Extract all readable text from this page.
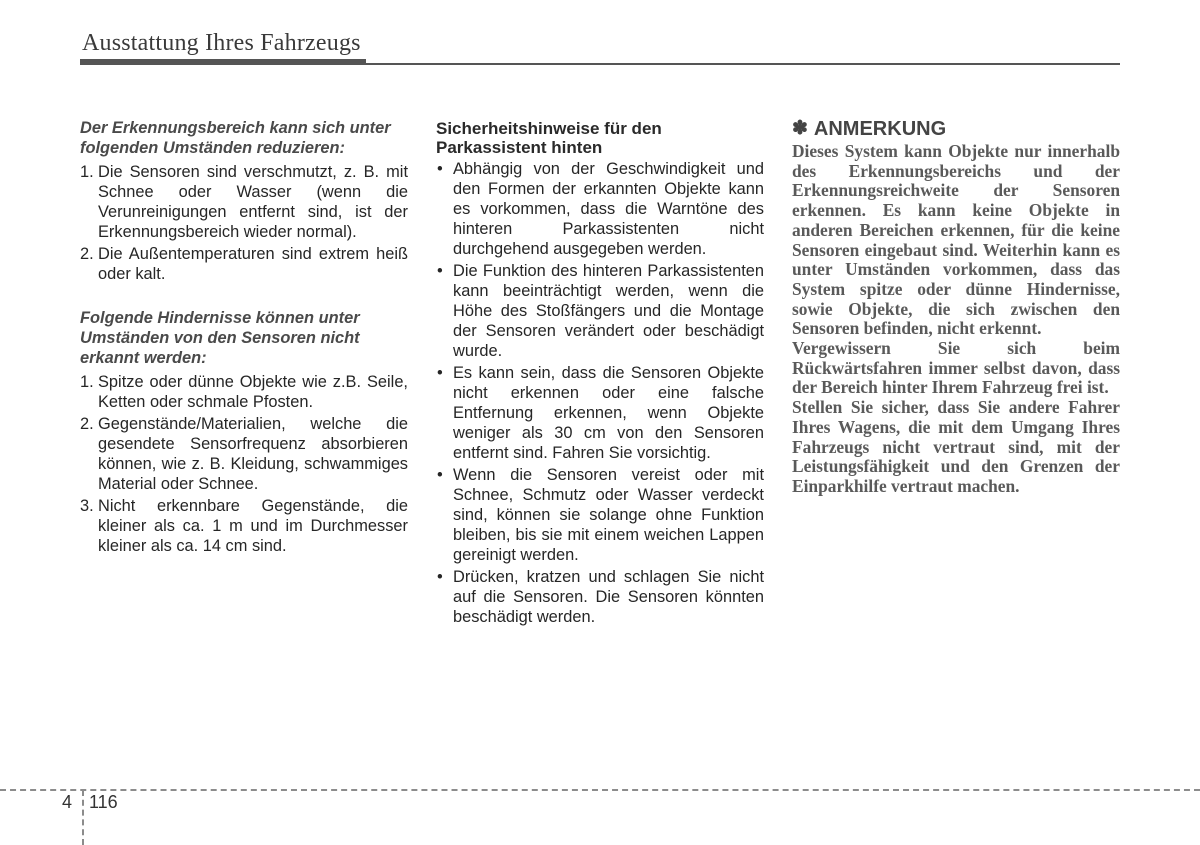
Ausstattung Ihres Fahrzeugs

Der Erkennungsbereich kann sich unter folgenden Umständen reduzieren:

1. Die Sensoren sind verschmutzt, z. B. mit Schnee oder Wasser (wenn die Verunreinigungen entfernt sind, ist der Erkennungsbereich wieder normal).
2. Die Außentemperaturen sind extrem heiß oder kalt.

Folgende Hindernisse können unter Umständen von den Sensoren nicht erkannt werden:

1. Spitze oder dünne Objekte wie z.B. Seile, Ketten oder schmale Pfosten.
2. Gegenstände/Materialien, welche die gesendete Sensorfrequenz absorbieren können, wie z. B. Kleidung, schwammiges Material oder Schnee.
3. Nicht erkennbare Gegenstände, die kleiner als ca. 1 m und im Durchmesser kleiner als ca. 14 cm sind.
Sicherheitshinweise für den Parkassistent hinten
• Abhängig von der Geschwindigkeit und den Formen der erkannten Objekte kann es vorkommen, dass die Warntöne des hinteren Parkassistenten nicht durchgehend ausgegeben werden.
• Die Funktion des hinteren Parkassistenten kann beeinträchtigt werden, wenn die Höhe des Stoßfängers und die Montage der Sensoren verändert oder beschädigt wurde.
• Es kann sein, dass die Sensoren Objekte nicht erkennen oder eine falsche Entfernung erkennen, wenn Objekte weniger als 30 cm von den Sensoren entfernt sind. Fahren Sie vorsichtig.
• Wenn die Sensoren vereist oder mit Schnee, Schmutz oder Wasser verdeckt sind, können sie solange ohne Funktion bleiben, bis sie mit einem weichen Lappen gereinigt werden.
• Drücken, kratzen und schlagen Sie nicht auf die Sensoren. Die Sensoren könnten beschädigt werden.
✽ ANMERKUNG

Dieses System kann Objekte nur innerhalb des Erkennungsbereichs und der Erkennungsreichweite der Sensoren erkennen. Es kann keine Objekte in anderen Bereichen erkennen, für die keine Sensoren eingebaut sind. Weiterhin kann es unter Umständen vorkommen, dass das System spitze oder dünne Hindernisse, sowie Objekte, die sich zwischen den Sensoren befinden, nicht erkennt.

Vergewissern Sie sich beim Rückwärtsfahren immer selbst davon, dass der Bereich hinter Ihrem Fahrzeug frei ist.

Stellen Sie sicher, dass Sie andere Fahrer Ihres Wagens, die mit dem Umgang Ihres Fahrzeugs nicht vertraut sind, mit der Leistungsfähigkeit und den Grenzen der Einparkhilfe vertraut machen.

4 116
